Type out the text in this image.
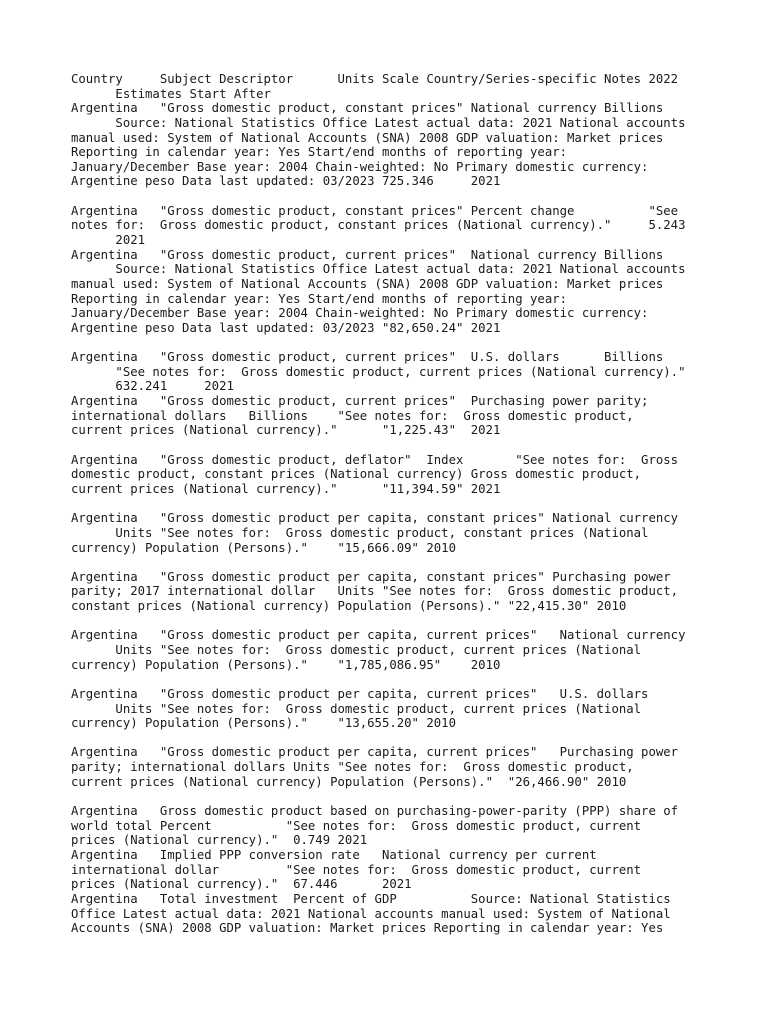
Country     Subject Descriptor      Units Scale Country/Series-specific Notes 2022

Estimates Start After

Argentina   "Gross domestic product, constant prices" National currency Billions

Source: National Statistics Office Latest actual data: 2021 National accounts

manual used: System of National Accounts (SNA) 2008 GDP valuation: Market prices

Reporting in calendar year: Yes Start/end months of reporting year:

January/December Base year: 2004 Chain-weighted: No Primary domestic currency:

Argentine peso Data last updated: 03/2023 725.346     2021

Argentina   "Gross domestic product, constant prices" Percent change          "See

notes for:  Gross domestic product, constant prices (National currency)."     5.243

2021

Argentina   "Gross domestic product, current prices"  National currency Billions

Source: National Statistics Office Latest actual data: 2021 National accounts

manual used: System of National Accounts (SNA) 2008 GDP valuation: Market prices

Reporting in calendar year: Yes Start/end months of reporting year:

January/December Base year: 2004 Chain-weighted: No Primary domestic currency:

Argentine peso Data last updated: 03/2023 "82,650.24" 2021

Argentina   "Gross domestic product, current prices"  U.S. dollars      Billions

"See notes for:  Gross domestic product, current prices (National currency)."

632.241     2021

Argentina   "Gross domestic product, current prices"  Purchasing power parity;

international dollars   Billions    "See notes for:  Gross domestic product,

current prices (National currency)."      "1,225.43"  2021

Argentina   "Gross domestic product, deflator"  Index       "See notes for:  Gross

domestic product, constant prices (National currency) Gross domestic product,

current prices (National currency)."      "11,394.59" 2021

Argentina   "Gross domestic product per capita, constant prices" National currency

Units "See notes for:  Gross domestic product, constant prices (National

currency) Population (Persons)."    "15,666.09" 2010

Argentina   "Gross domestic product per capita, constant prices" Purchasing power

parity; 2017 international dollar   Units "See notes for:  Gross domestic product,

constant prices (National currency) Population (Persons)." "22,415.30" 2010

Argentina   "Gross domestic product per capita, current prices"   National currency

Units "See notes for:  Gross domestic product, current prices (National

currency) Population (Persons)."    "1,785,086.95"    2010

Argentina   "Gross domestic product per capita, current prices"   U.S. dollars

Units "See notes for:  Gross domestic product, current prices (National

currency) Population (Persons)."    "13,655.20" 2010

Argentina   "Gross domestic product per capita, current prices"   Purchasing power

parity; international dollars Units "See notes for:  Gross domestic product,

current prices (National currency) Population (Persons)."  "26,466.90" 2010

Argentina   Gross domestic product based on purchasing-power-parity (PPP) share of

world total Percent          "See notes for:  Gross domestic product, current

prices (National currency)."  0.749 2021

Argentina   Implied PPP conversion rate   National currency per current

international dollar         "See notes for:  Gross domestic product, current

prices (National currency)."  67.446      2021

Argentina   Total investment  Percent of GDP          Source: National Statistics

Office Latest actual data: 2021 National accounts manual used: System of National

Accounts (SNA) 2008 GDP valuation: Market prices Reporting in calendar year: Yes
